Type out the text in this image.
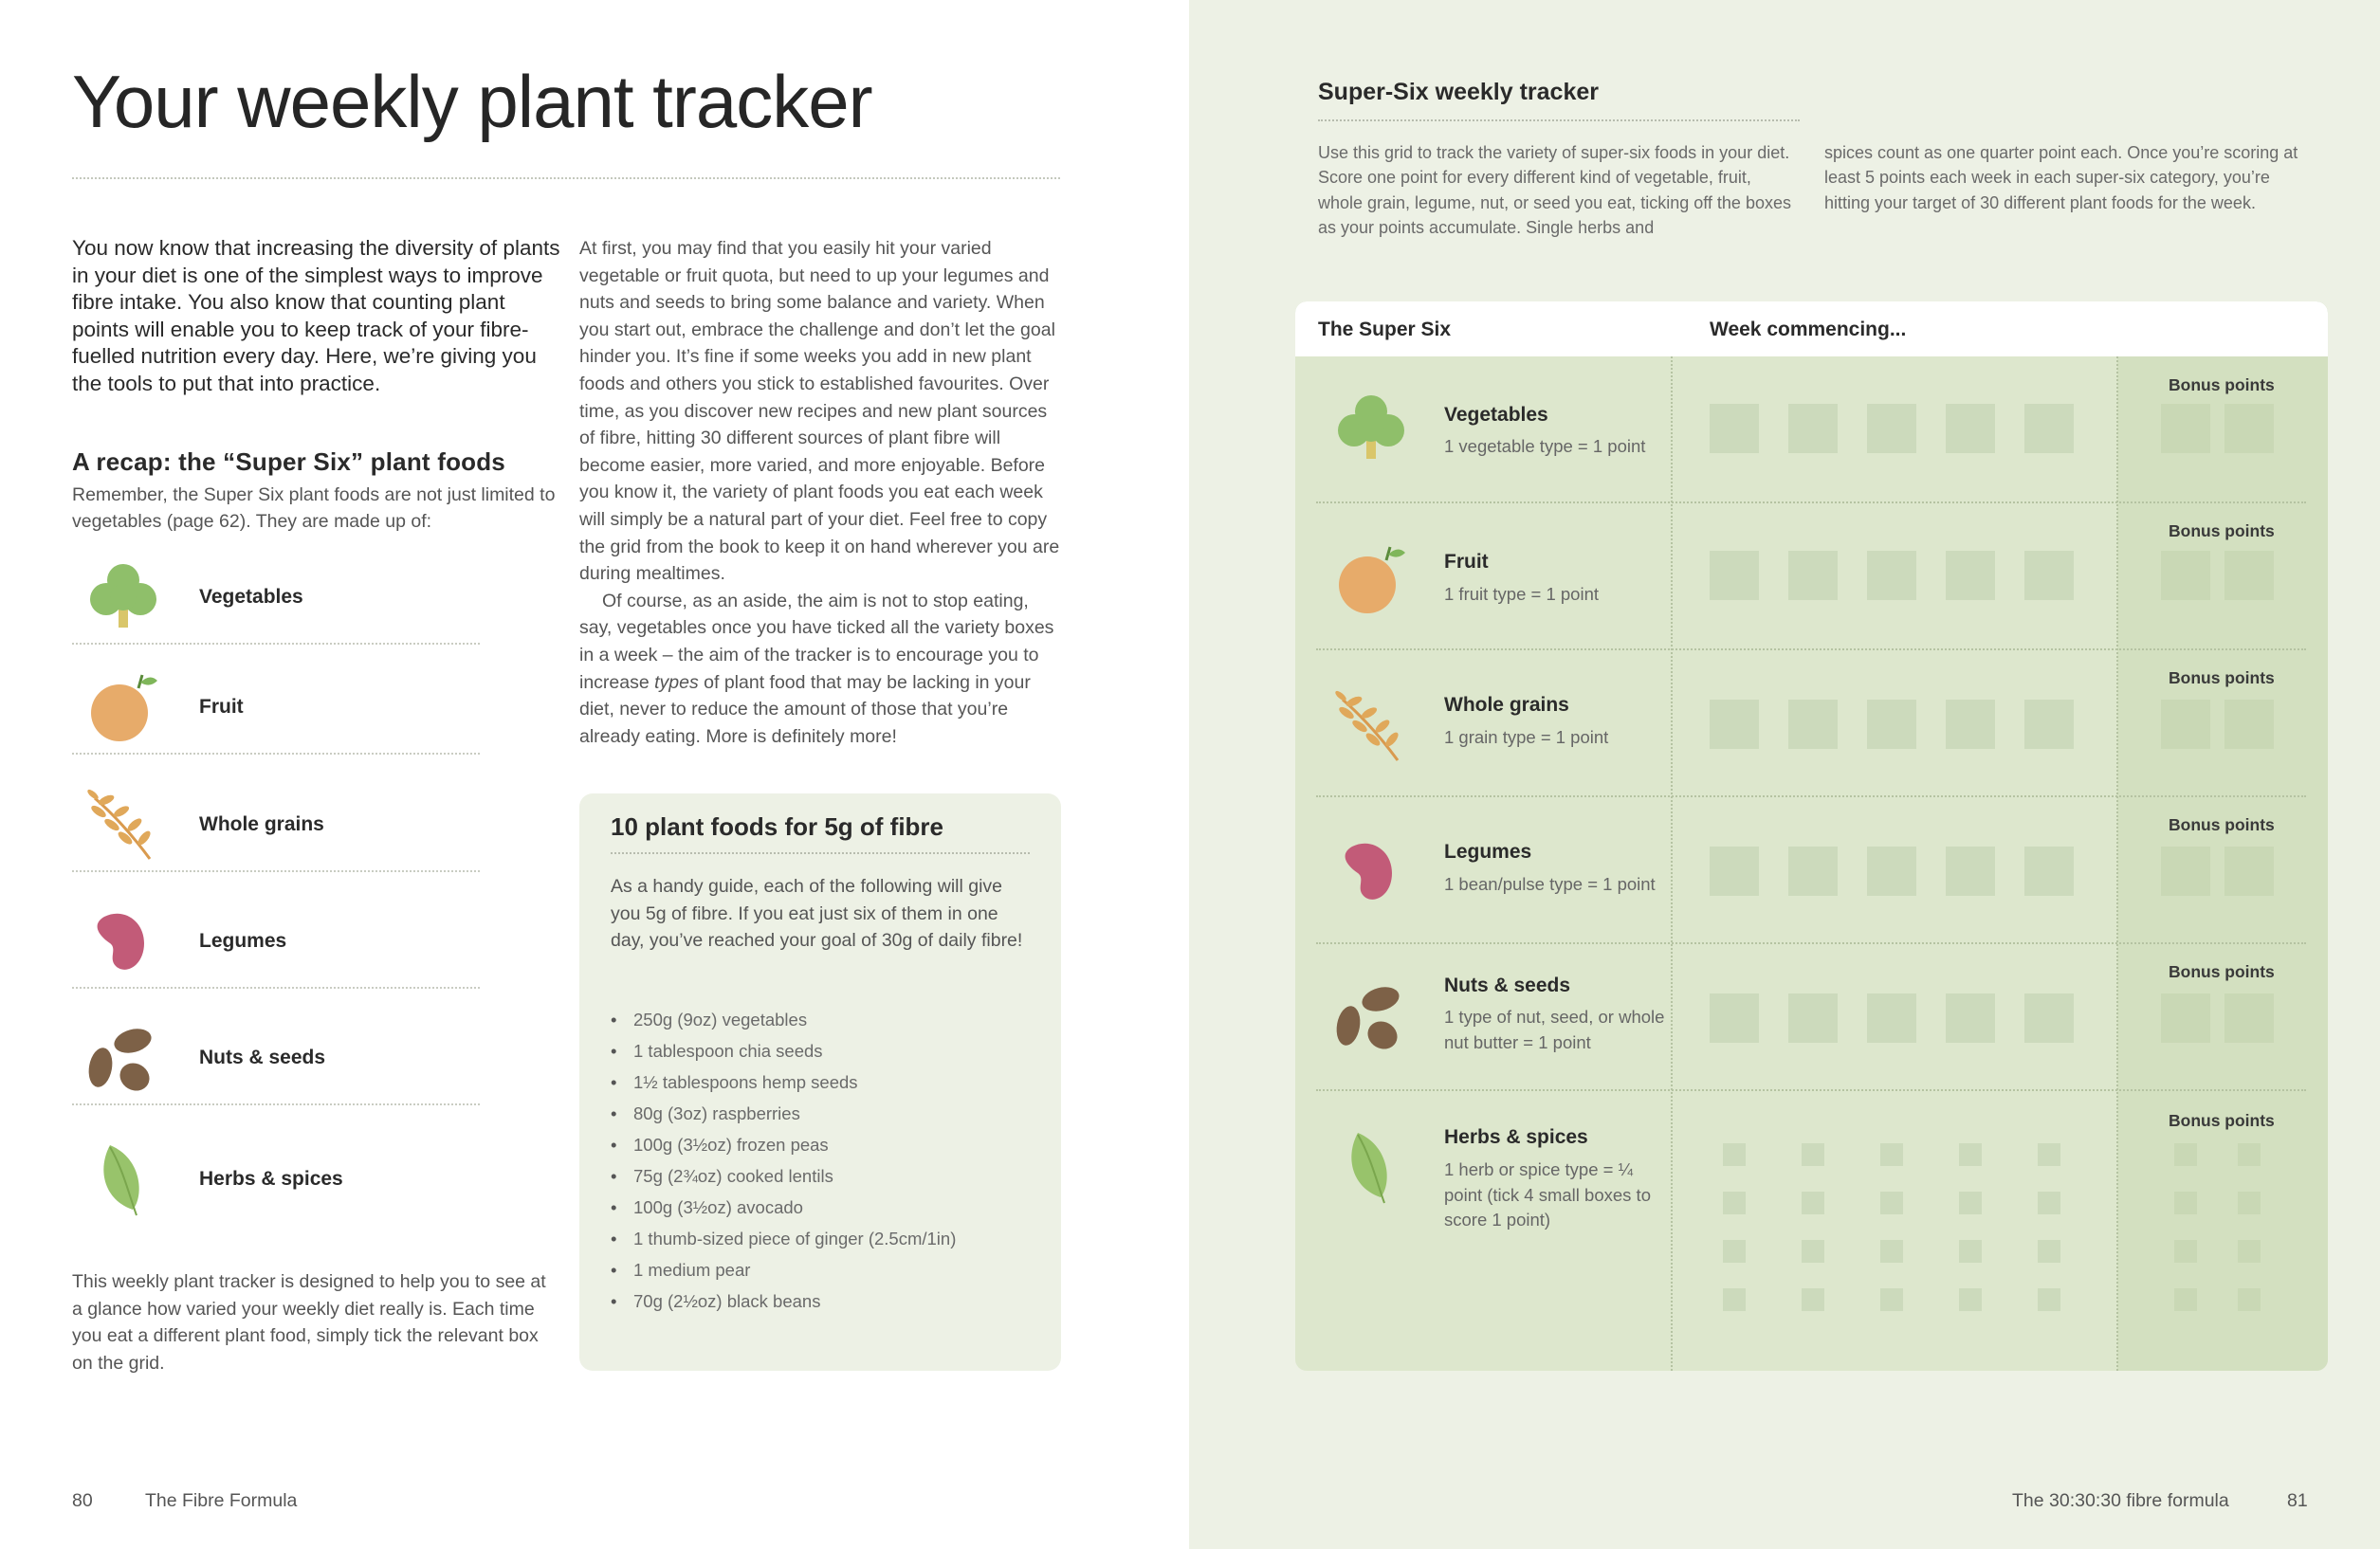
Your weekly plant tracker

You now know that increasing the diversity of plants in your diet is one of the simplest ways to improve fibre intake. You also know that counting plant points will enable you to keep track of your fibre-fuelled nutrition every day. Here, we’re giving you the tools to put that into practice.

A recap: the “Super Six” plant foods

Remember, the Super Six plant foods are not just limited to vegetables (page 62). They are made up of:

Vegetables
Fruit
Whole grains
Legumes
Nuts & seeds
Herbs & spices

This weekly plant tracker is designed to help you to see at a glance how varied your weekly diet really is. Each time you eat a different plant food, simply tick the relevant box on the grid.

At first, you may find that you easily hit your varied vegetable or fruit quota, but need to up your legumes and nuts and seeds to bring some balance and variety. When you start out, embrace the challenge and don’t let the goal hinder you. It’s fine if some weeks you add in new plant foods and others you stick to established favourites. Over time, as you discover new recipes and new plant sources of fibre, hitting 30 different sources of plant fibre will become easier, more varied, and more enjoyable. Before you know it, the variety of plant foods you eat each week will simply be a natural part of your diet. Feel free to copy the grid from the book to keep it on hand wherever you are during mealtimes.

Of course, as an aside, the aim is not to stop eating, say, vegetables once you have ticked all the variety boxes in a week – the aim of the tracker is to encourage you to increase types of plant food that may be lacking in your diet, never to reduce the amount of those that you’re already eating. More is definitely more!

10 plant foods for 5g of fibre

As a handy guide, each of the following will give you 5g of fibre. If you eat just six of them in one day, you’ve reached your goal of 30g of daily fibre!

• 250g (9oz) vegetables
• 1 tablespoon chia seeds
• 1½ tablespoons hemp seeds
• 80g (3oz) raspberries
• 100g (3½oz) frozen peas
• 75g (2¾oz) cooked lentils
• 100g (3½oz) avocado
• 1 thumb-sized piece of ginger (2.5cm/1in)
• 1 medium pear
• 70g (2½oz) black beans
80	The Fibre Formula
Super-Six weekly tracker

Use this grid to track the variety of super-six foods in your diet. Score one point for every different kind of vegetable, fruit, whole grain, legume, nut, or seed you eat, ticking off the boxes as your points accumulate. Single herbs and

spices count as one quarter point each. Once you’re scoring at least 5 points each week in each super-six category, you’re hitting your target of 30 different plant foods for the week.

The Super Six	Week commencing...
Vegetables
1 vegetable type = 1 point
Bonus points
Fruit
1 fruit type = 1 point
Bonus points
Whole grains
1 grain type = 1 point
Bonus points
Legumes
1 bean/pulse type = 1 point
Bonus points
Nuts & seeds
1 type of nut, seed, or whole nut butter = 1 point
Bonus points
Herbs & spices
1 herb or spice type = ¼ point (tick 4 small boxes to score 1 point)
Bonus points
The 30:30:30 fibre formula	81
